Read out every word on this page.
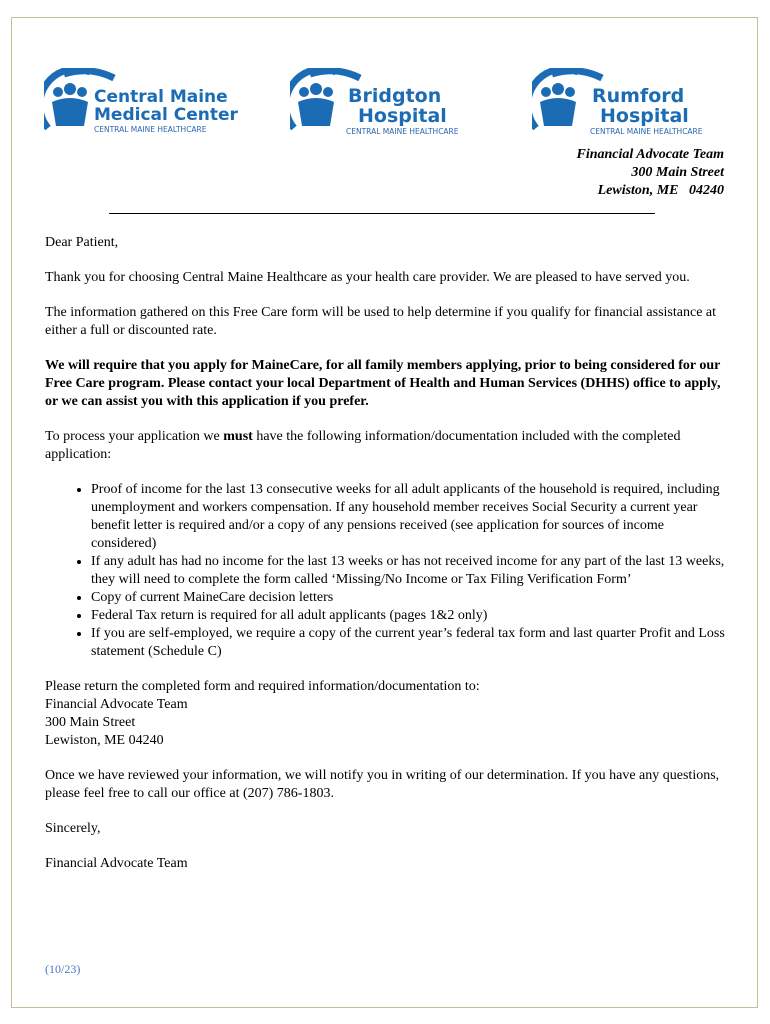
Central Maine
Medical Center
CENTRAL MAINE HEALTHCARE
Bridgton
Hospital
CENTRAL MAINE HEALTHCARE
Rumford
Hospital
CENTRAL MAINE HEALTHCARE
Financial Advocate Team
300 Main Street
Lewiston, ME   04240

Dear Patient,

Thank you for choosing Central Maine Healthcare as your health care provider. We are pleased to have served you.

The information gathered on this Free Care form will be used to help determine if you qualify for financial assistance at either a full or discounted rate.

We will require that you apply for MaineCare, for all family members applying, prior to being considered for our Free Care program. Please contact your local Department of Health and Human Services (DHHS) office to apply, or we can assist you with this application if you prefer.

To process your application we must have the following information/documentation included with the completed application:

• Proof of income for the last 13 consecutive weeks for all adult applicants of the household is required, including unemployment and workers compensation. If any household member receives Social Security a current year benefit letter is required and/or a copy of any pensions received (see application for sources of income considered)
• If any adult has had no income for the last 13 weeks or has not received income for any part of the last 13 weeks, they will need to complete the form called ‘Missing/No Income or Tax Filing Verification Form’
• Copy of current MaineCare decision letters
• Federal Tax return is required for all adult applicants (pages 1&2 only)
• If you are self-employed, we require a copy of the current year’s federal tax form and last quarter Profit and Loss statement (Schedule C)
Please return the completed form and required information/documentation to:
Financial Advocate Team
300 Main Street
Lewiston, ME 04240

Once we have reviewed your information, we will notify you in writing of our determination. If you have any questions, please feel free to call our office at (207) 786-1803.

Sincerely,

Financial Advocate Team

(10/23)
